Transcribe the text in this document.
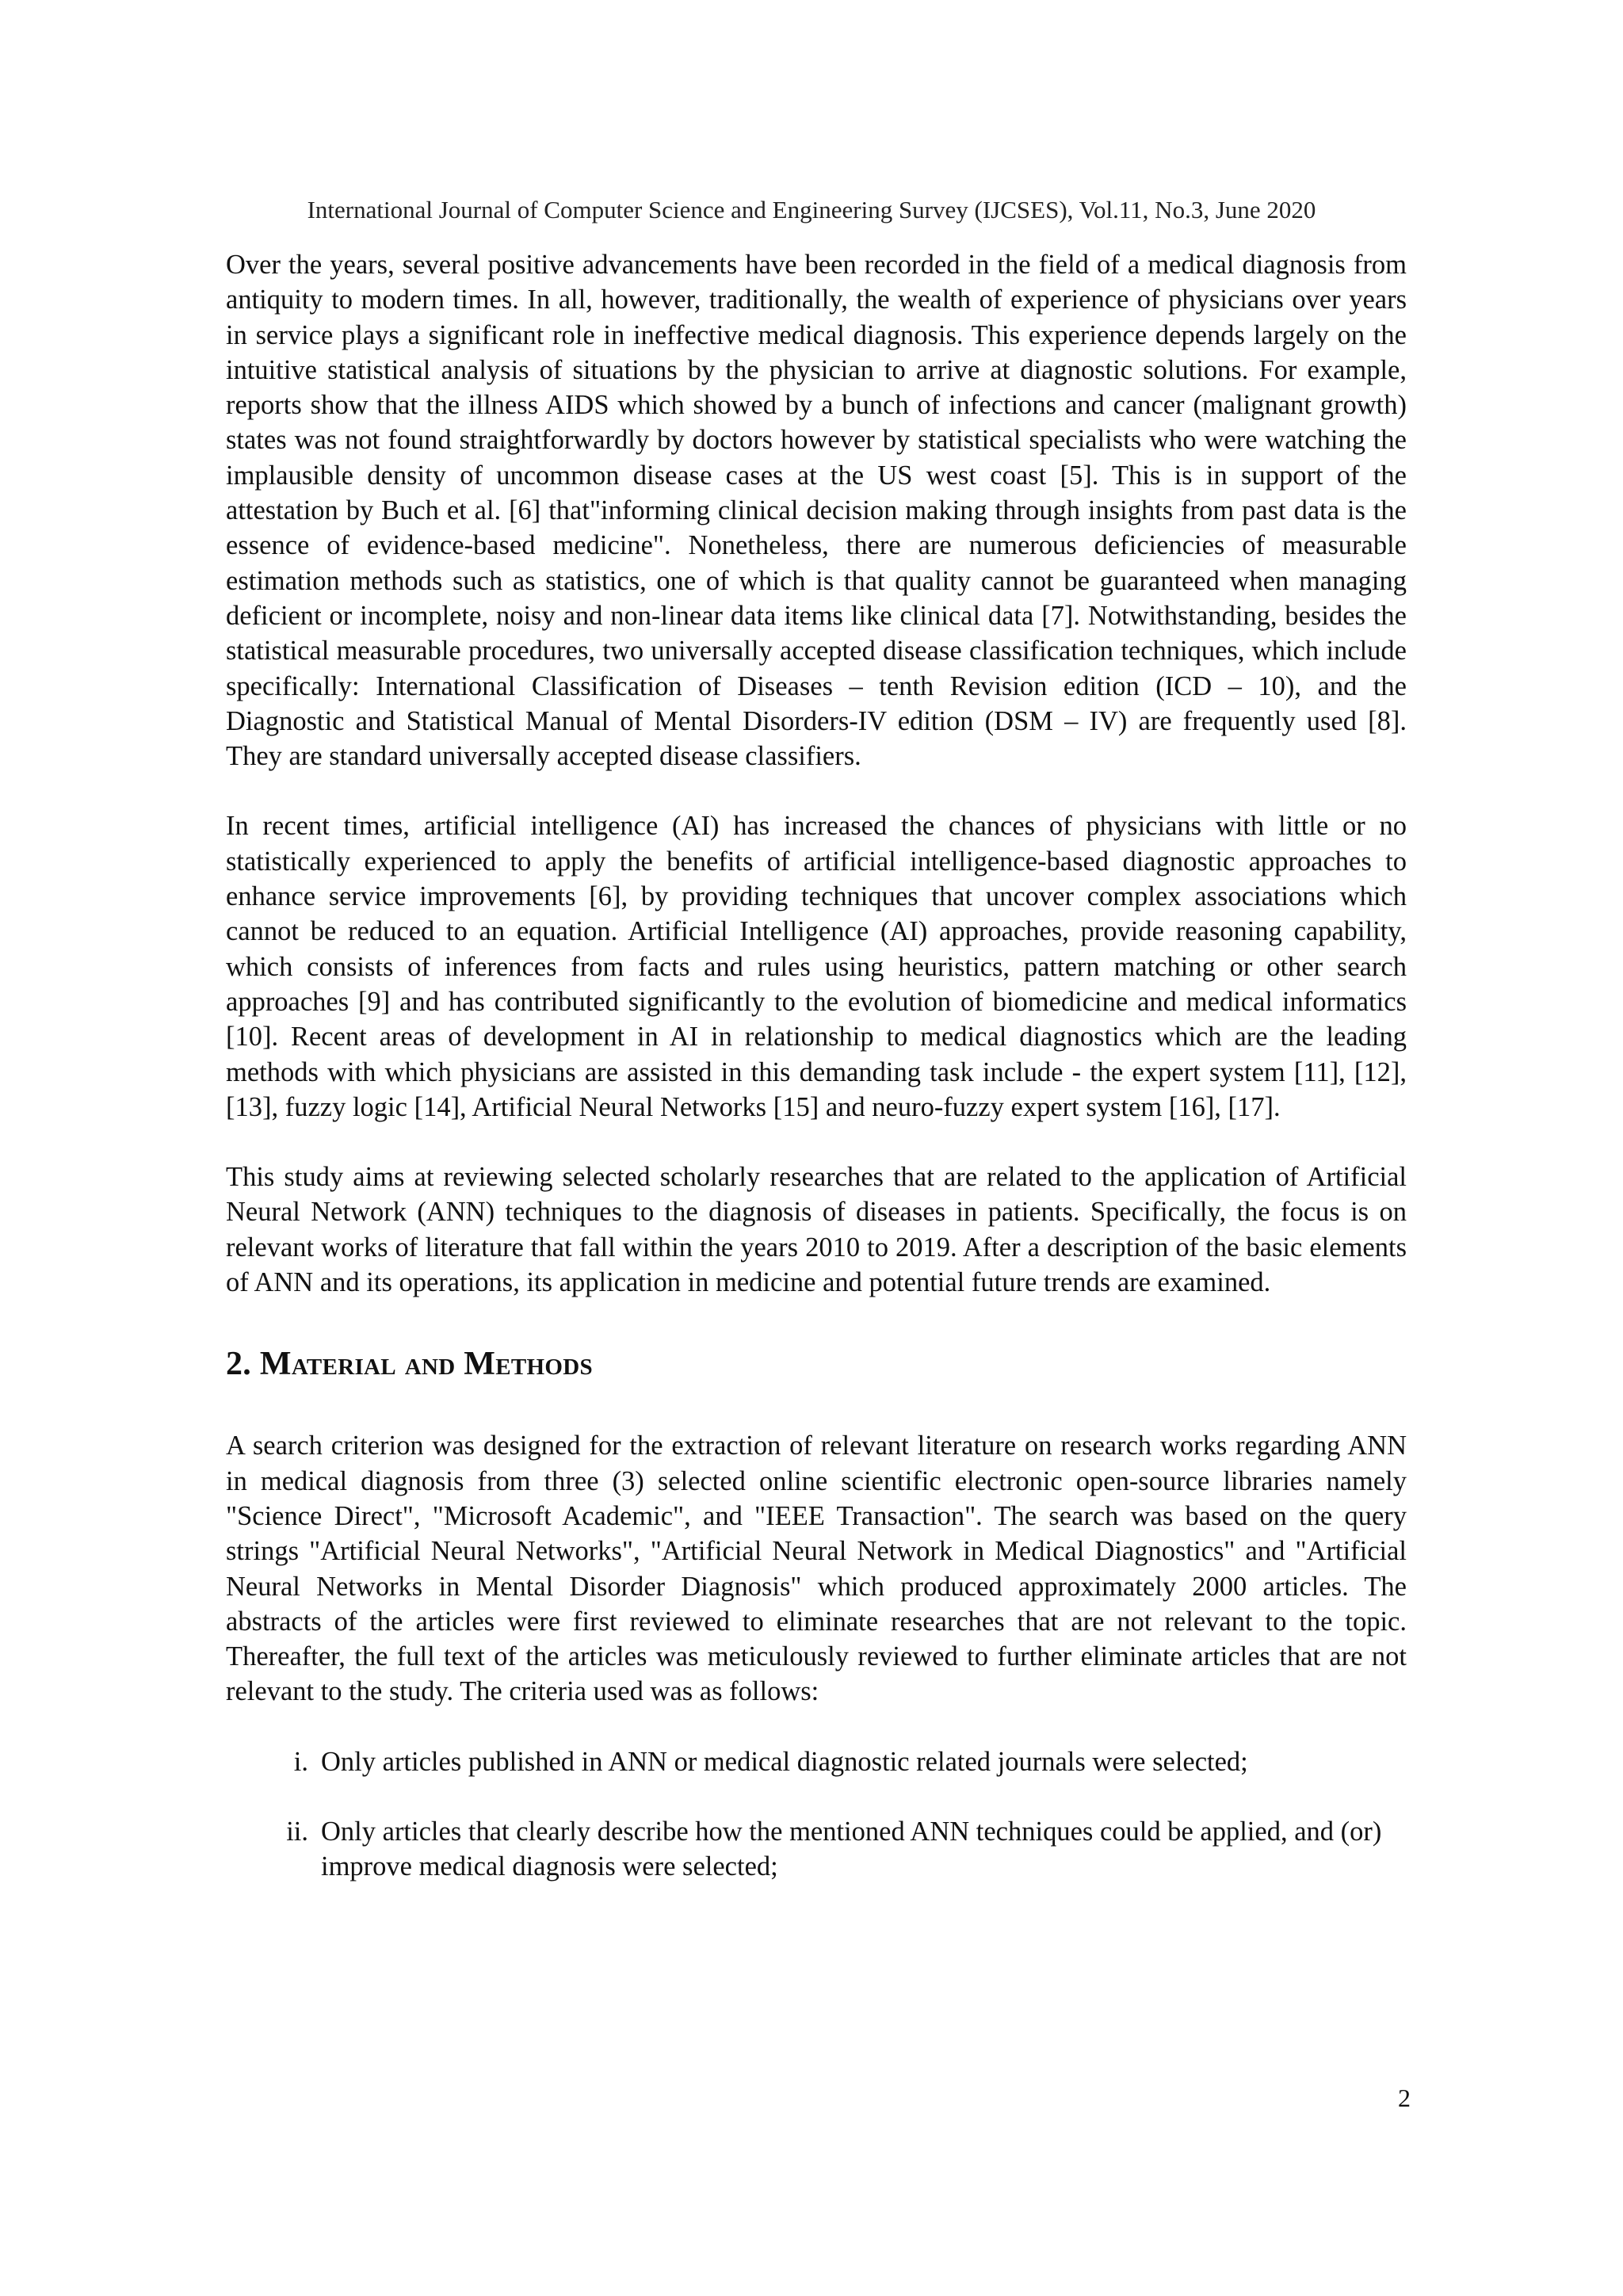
International Journal of Computer Science and Engineering Survey (IJCSES), Vol.11, No.3, June 2020

Over the years, several positive advancements have been recorded in the field of a medical diagnosis from antiquity to modern times. In all, however, traditionally, the wealth of experience of physicians over years in service plays a significant role in ineffective medical diagnosis. This experience depends largely on the intuitive statistical analysis of situations by the physician to arrive at diagnostic solutions. For example, reports show that the illness AIDS which showed by a bunch of infections and cancer (malignant growth) states was not found straightforwardly by doctors however by statistical specialists who were watching the implausible density of uncommon disease cases at the US west coast [5]. This is in support of the attestation by Buch et al. [6] that"informing clinical decision making through insights from past data is the essence of evidence-based medicine". Nonetheless, there are numerous deficiencies of measurable estimation methods such as statistics, one of which is that quality cannot be guaranteed when managing deficient or incomplete, noisy and non-linear data items like clinical data [7]. Notwithstanding, besides the statistical measurable procedures, two universally accepted disease classification techniques, which include specifically: International Classification of Diseases – tenth Revision edition (ICD – 10), and the Diagnostic and Statistical Manual of Mental Disorders-IV edition (DSM – IV) are frequently used [8]. They are standard universally accepted disease classifiers.

In recent times, artificial intelligence (AI) has increased the chances of physicians with little or no statistically experienced to apply the benefits of artificial intelligence-based diagnostic approaches to enhance service improvements [6], by providing techniques that uncover complex associations which cannot be reduced to an equation. Artificial Intelligence (AI) approaches, provide reasoning capability, which consists of inferences from facts and rules using heuristics, pattern matching or other search approaches [9] and has contributed significantly to the evolution of biomedicine and medical informatics [10]. Recent areas of development in AI in relationship to medical diagnostics which are the leading methods with which physicians are assisted in this demanding task include - the expert system [11], [12], [13], fuzzy logic [14], Artificial Neural Networks [15] and neuro-fuzzy expert system [16], [17].

This study aims at reviewing selected scholarly researches that are related to the application of Artificial Neural Network (ANN) techniques to the diagnosis of diseases in patients. Specifically, the focus is on relevant works of literature that fall within the years 2010 to 2019. After a description of the basic elements of ANN and its operations, its application in medicine and potential future trends are examined.

2. Material and Methods

A search criterion was designed for the extraction of relevant literature on research works regarding ANN in medical diagnosis from three (3) selected online scientific electronic open-source libraries namely "Science Direct", "Microsoft Academic", and "IEEE Transaction". The search was based on the query strings "Artificial Neural Networks", "Artificial Neural Network in Medical Diagnostics" and "Artificial Neural Networks in Mental Disorder Diagnosis" which produced approximately 2000 articles. The abstracts of the articles were first reviewed to eliminate researches that are not relevant to the topic. Thereafter, the full text of the articles was meticulously reviewed to further eliminate articles that are not relevant to the study. The criteria used was as follows:

i. Only articles published in ANN or medical diagnostic related journals were selected;
ii. Only articles that clearly describe how the mentioned ANN techniques could be applied, and (or) improve medical diagnosis were selected;
2
